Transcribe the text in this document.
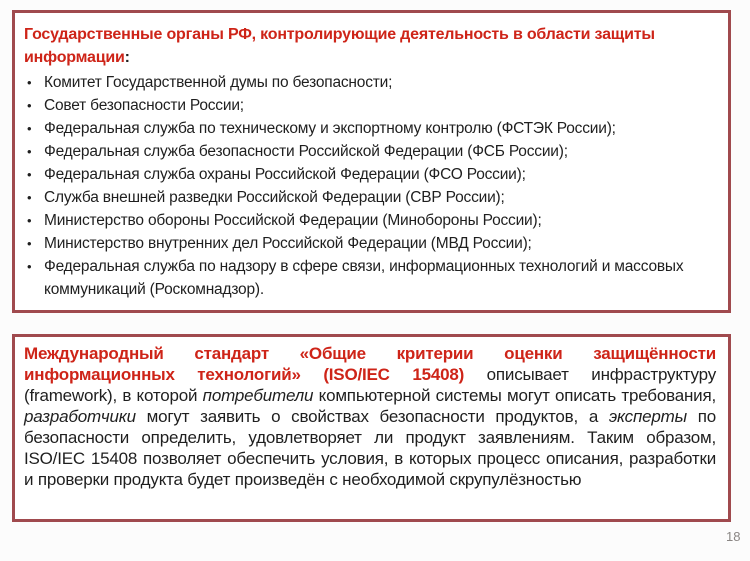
Государственные органы РФ, контролирующие деятельность в области защиты информации:
• Комитет Государственной думы по безопасности;
• Совет безопасности России;
• Федеральная служба по техническому и экспортному контролю (ФСТЭК России);
• Федеральная служба безопасности Российской Федерации (ФСБ России);
• Федеральная служба охраны Российской Федерации (ФСО России);
• Служба внешней разведки Российской Федерации (СВР России);
• Министерство обороны Российской Федерации (Минобороны России);
• Министерство внутренних дел Российской Федерации (МВД России);
• Федеральная служба по надзору в сфере связи, информационных технологий и массовых коммуникаций (Роскомнадзор).

Международный стандарт «Общие критерии оценки защищённости информационных технологий» (ISO/IEC 15408) описывает инфраструктуру (framework), в которой потребители компьютерной системы могут описать требования, разработчики могут заявить о свойствах безопасности продуктов, а эксперты по безопасности определить, удовлетворяет ли продукт заявлениям. Таким образом, ISO/IEC 15408 позволяет обеспечить условия, в которых процесс описания, разработки и проверки продукта будет произведён с необходимой скрупулёзностью

18
